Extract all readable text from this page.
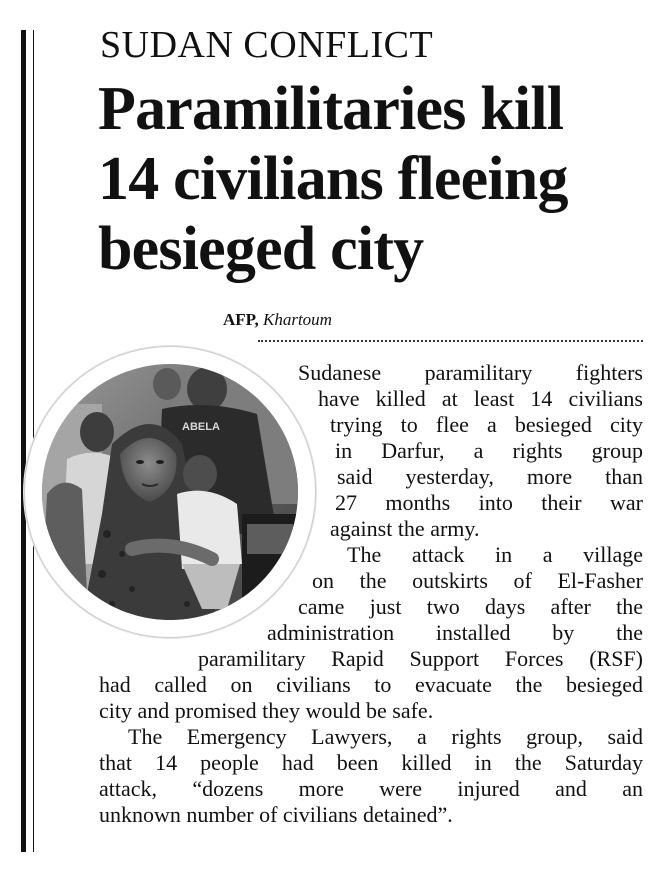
SUDAN CONFLICT
Paramilitaries kill
14 civilians fleeing
besieged city
AFP, Khartoum
ABELA
Sudanese paramilitary fighters
have killed at least 14 civilians
trying to flee a besieged city
in Darfur, a rights group
said yesterday, more than
27 months into their war
against the army.
The attack in a village
on the outskirts of El-Fasher
came just two days after the
administration installed by the
paramilitary Rapid Support Forces (RSF)
had called on civilians to evacuate the besieged
city and promised they would be safe.
The Emergency Lawyers, a rights group, said
that 14 people had been killed in the Saturday
attack, “dozens more were injured and an
unknown number of civilians detained”.
